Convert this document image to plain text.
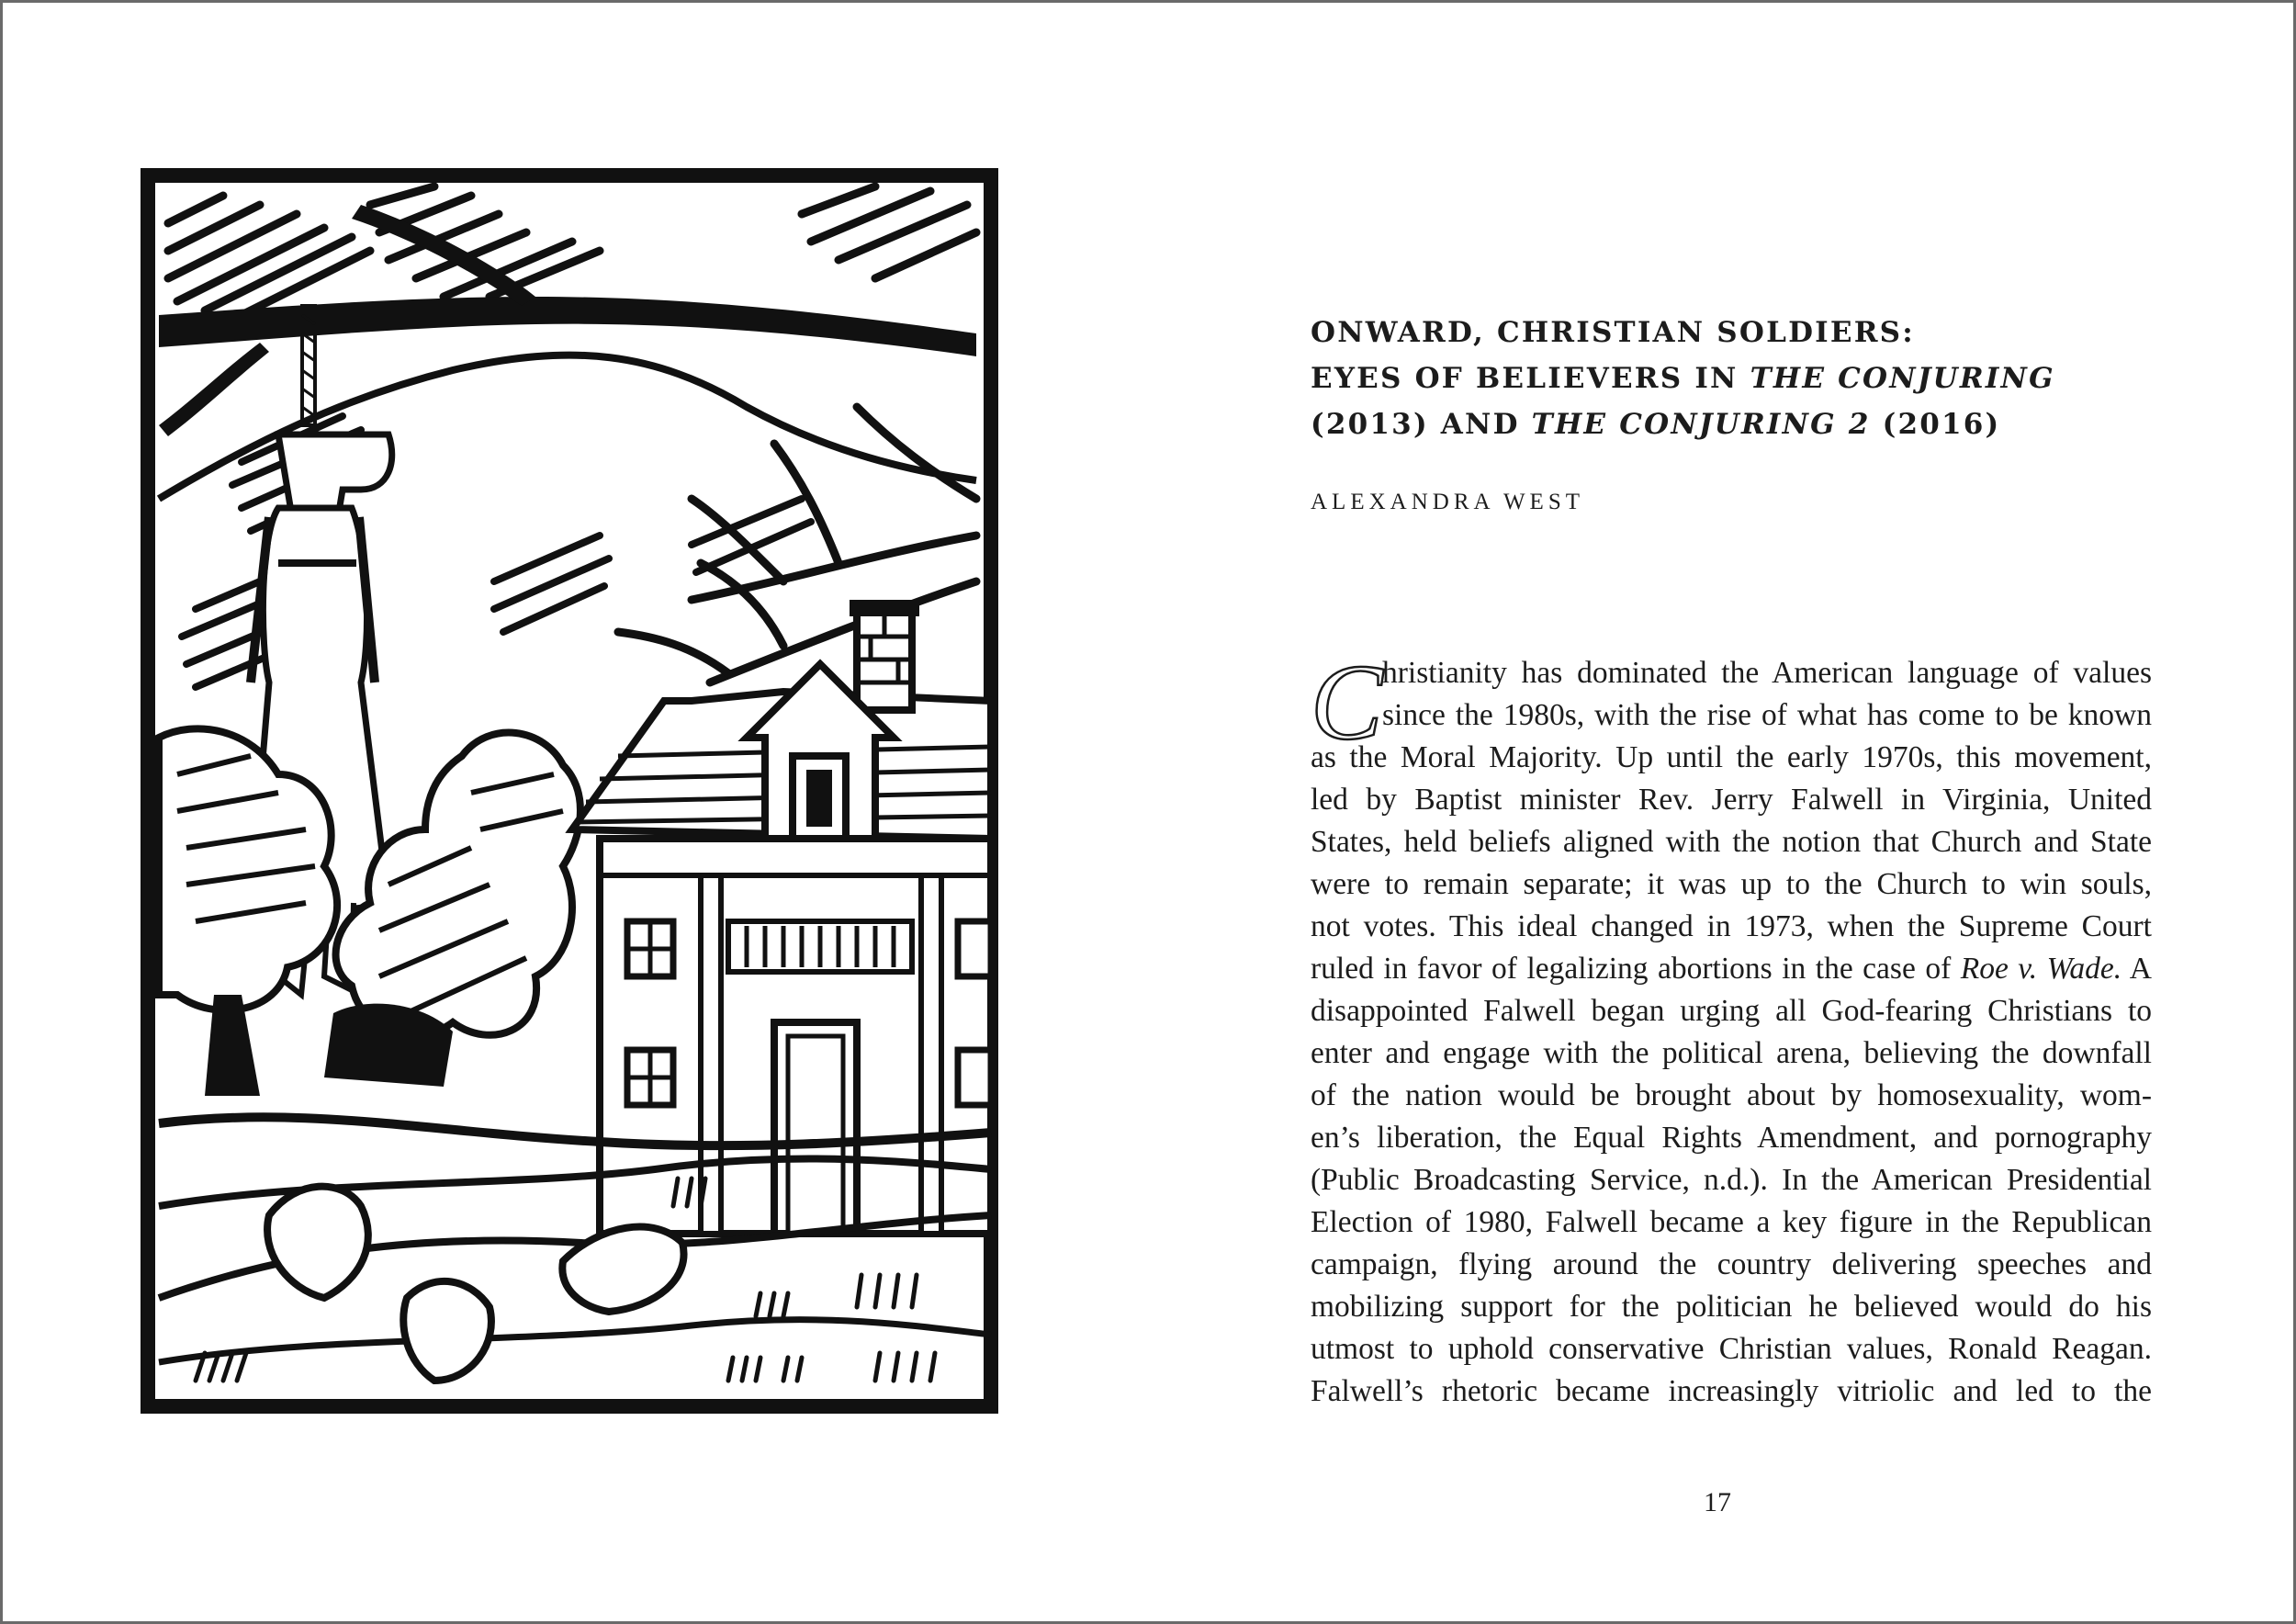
ONWARD, CHRISTIAN SOLDIERS:
EYES OF BELIEVERS IN THE CONJURING
(2013) AND THE CONJURING 2 (2016)
ALEXANDRA WEST
C hristianity has dominated the American language of values
since the 1980s, with the rise of what has come to be known
as the Moral Majority. Up until the early 1970s, this movement,
led by Baptist minister Rev. Jerry Falwell in Virginia, United
States, held beliefs aligned with the notion that Church and State
were to remain separate; it was up to the Church to win souls,
not votes. This ideal changed in 1973, when the Supreme Court
ruled in favor of legalizing abortions in the case of Roe v. Wade. A
disappointed Falwell began urging all God-fearing Christians to
enter and engage with the political arena, believing the downfall
of the nation would be brought about by homosexuality, wom-
en’s liberation, the Equal Rights Amendment, and pornography
(Public Broadcasting Service, n.d.). In the American Presidential
Election of 1980, Falwell became a key figure in the Republican
campaign, flying around the country delivering speeches and
mobilizing support for the politician he believed would do his
utmost to uphold conservative Christian values, Ronald Reagan.
Falwell’s rhetoric became increasingly vitriolic and led to the
17
